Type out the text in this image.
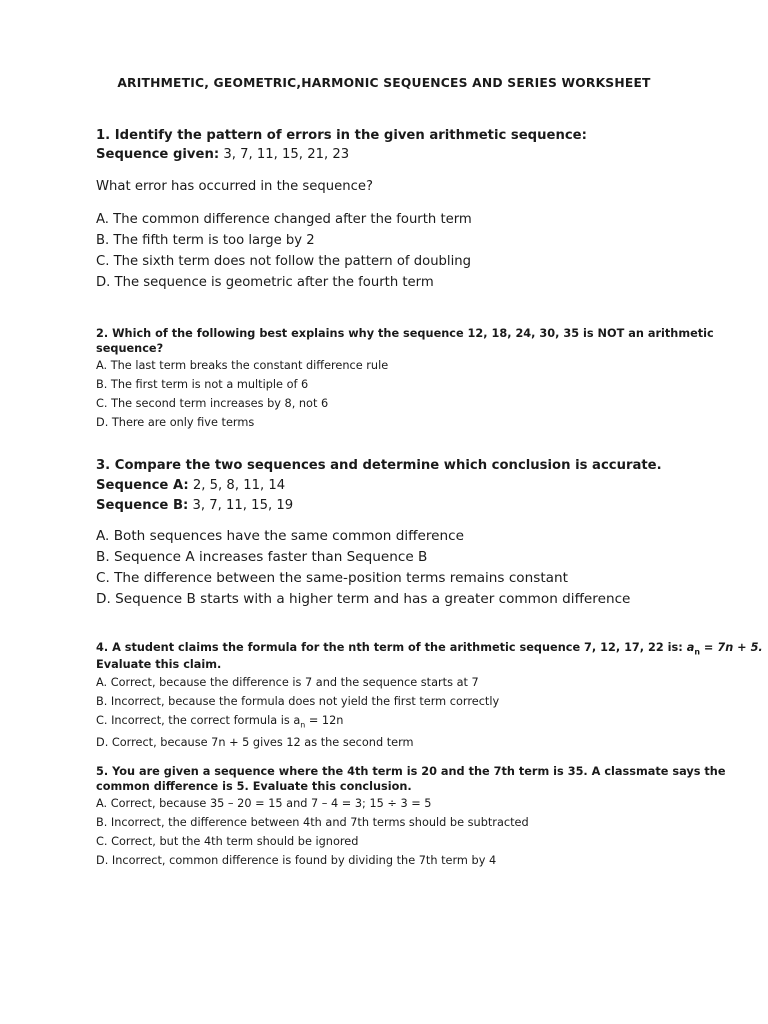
ARITHMETIC, GEOMETRIC,HARMONIC SEQUENCES AND SERIES WORKSHEET
1. Identify the pattern of errors in the given arithmetic sequence:
Sequence given: 3, 7, 11, 15, 21, 23
What error has occurred in the sequence?
A. The common difference changed after the fourth term
B. The fifth term is too large by 2
C. The sixth term does not follow the pattern of doubling
D. The sequence is geometric after the fourth term
2. Which of the following best explains why the sequence 12, 18, 24, 30, 35 is NOT an arithmetic
sequence?
A. The last term breaks the constant difference rule
B. The first term is not a multiple of 6
C. The second term increases by 8, not 6
D. There are only five terms
3. Compare the two sequences and determine which conclusion is accurate.
Sequence A: 2, 5, 8, 11, 14
Sequence B: 3, 7, 11, 15, 19
A. Both sequences have the same common difference
B. Sequence A increases faster than Sequence B
C. The difference between the same-position terms remains constant
D. Sequence B starts with a higher term and has a greater common difference
4. A student claims the formula for the nth term of the arithmetic sequence 7, 12, 17, 22 is: $a_n = 7n + 5$.
Evaluate this claim.
A. Correct, because the difference is 7 and the sequence starts at 7
B. Incorrect, because the formula does not yield the first term correctly
C. Incorrect, the correct formula is $a_n = 12n$
D. Correct, because 7n + 5 gives 12 as the second term
5. You are given a sequence where the 4th term is 20 and the 7th term is 35. A classmate says the
common difference is 5. Evaluate this conclusion.
A. Correct, because 35 – 20 = 15 and 7 – 4 = 3; 15 ÷ 3 = 5
B. Incorrect, the difference between 4th and 7th terms should be subtracted
C. Correct, but the 4th term should be ignored
D. Incorrect, common difference is found by dividing the 7th term by 4
